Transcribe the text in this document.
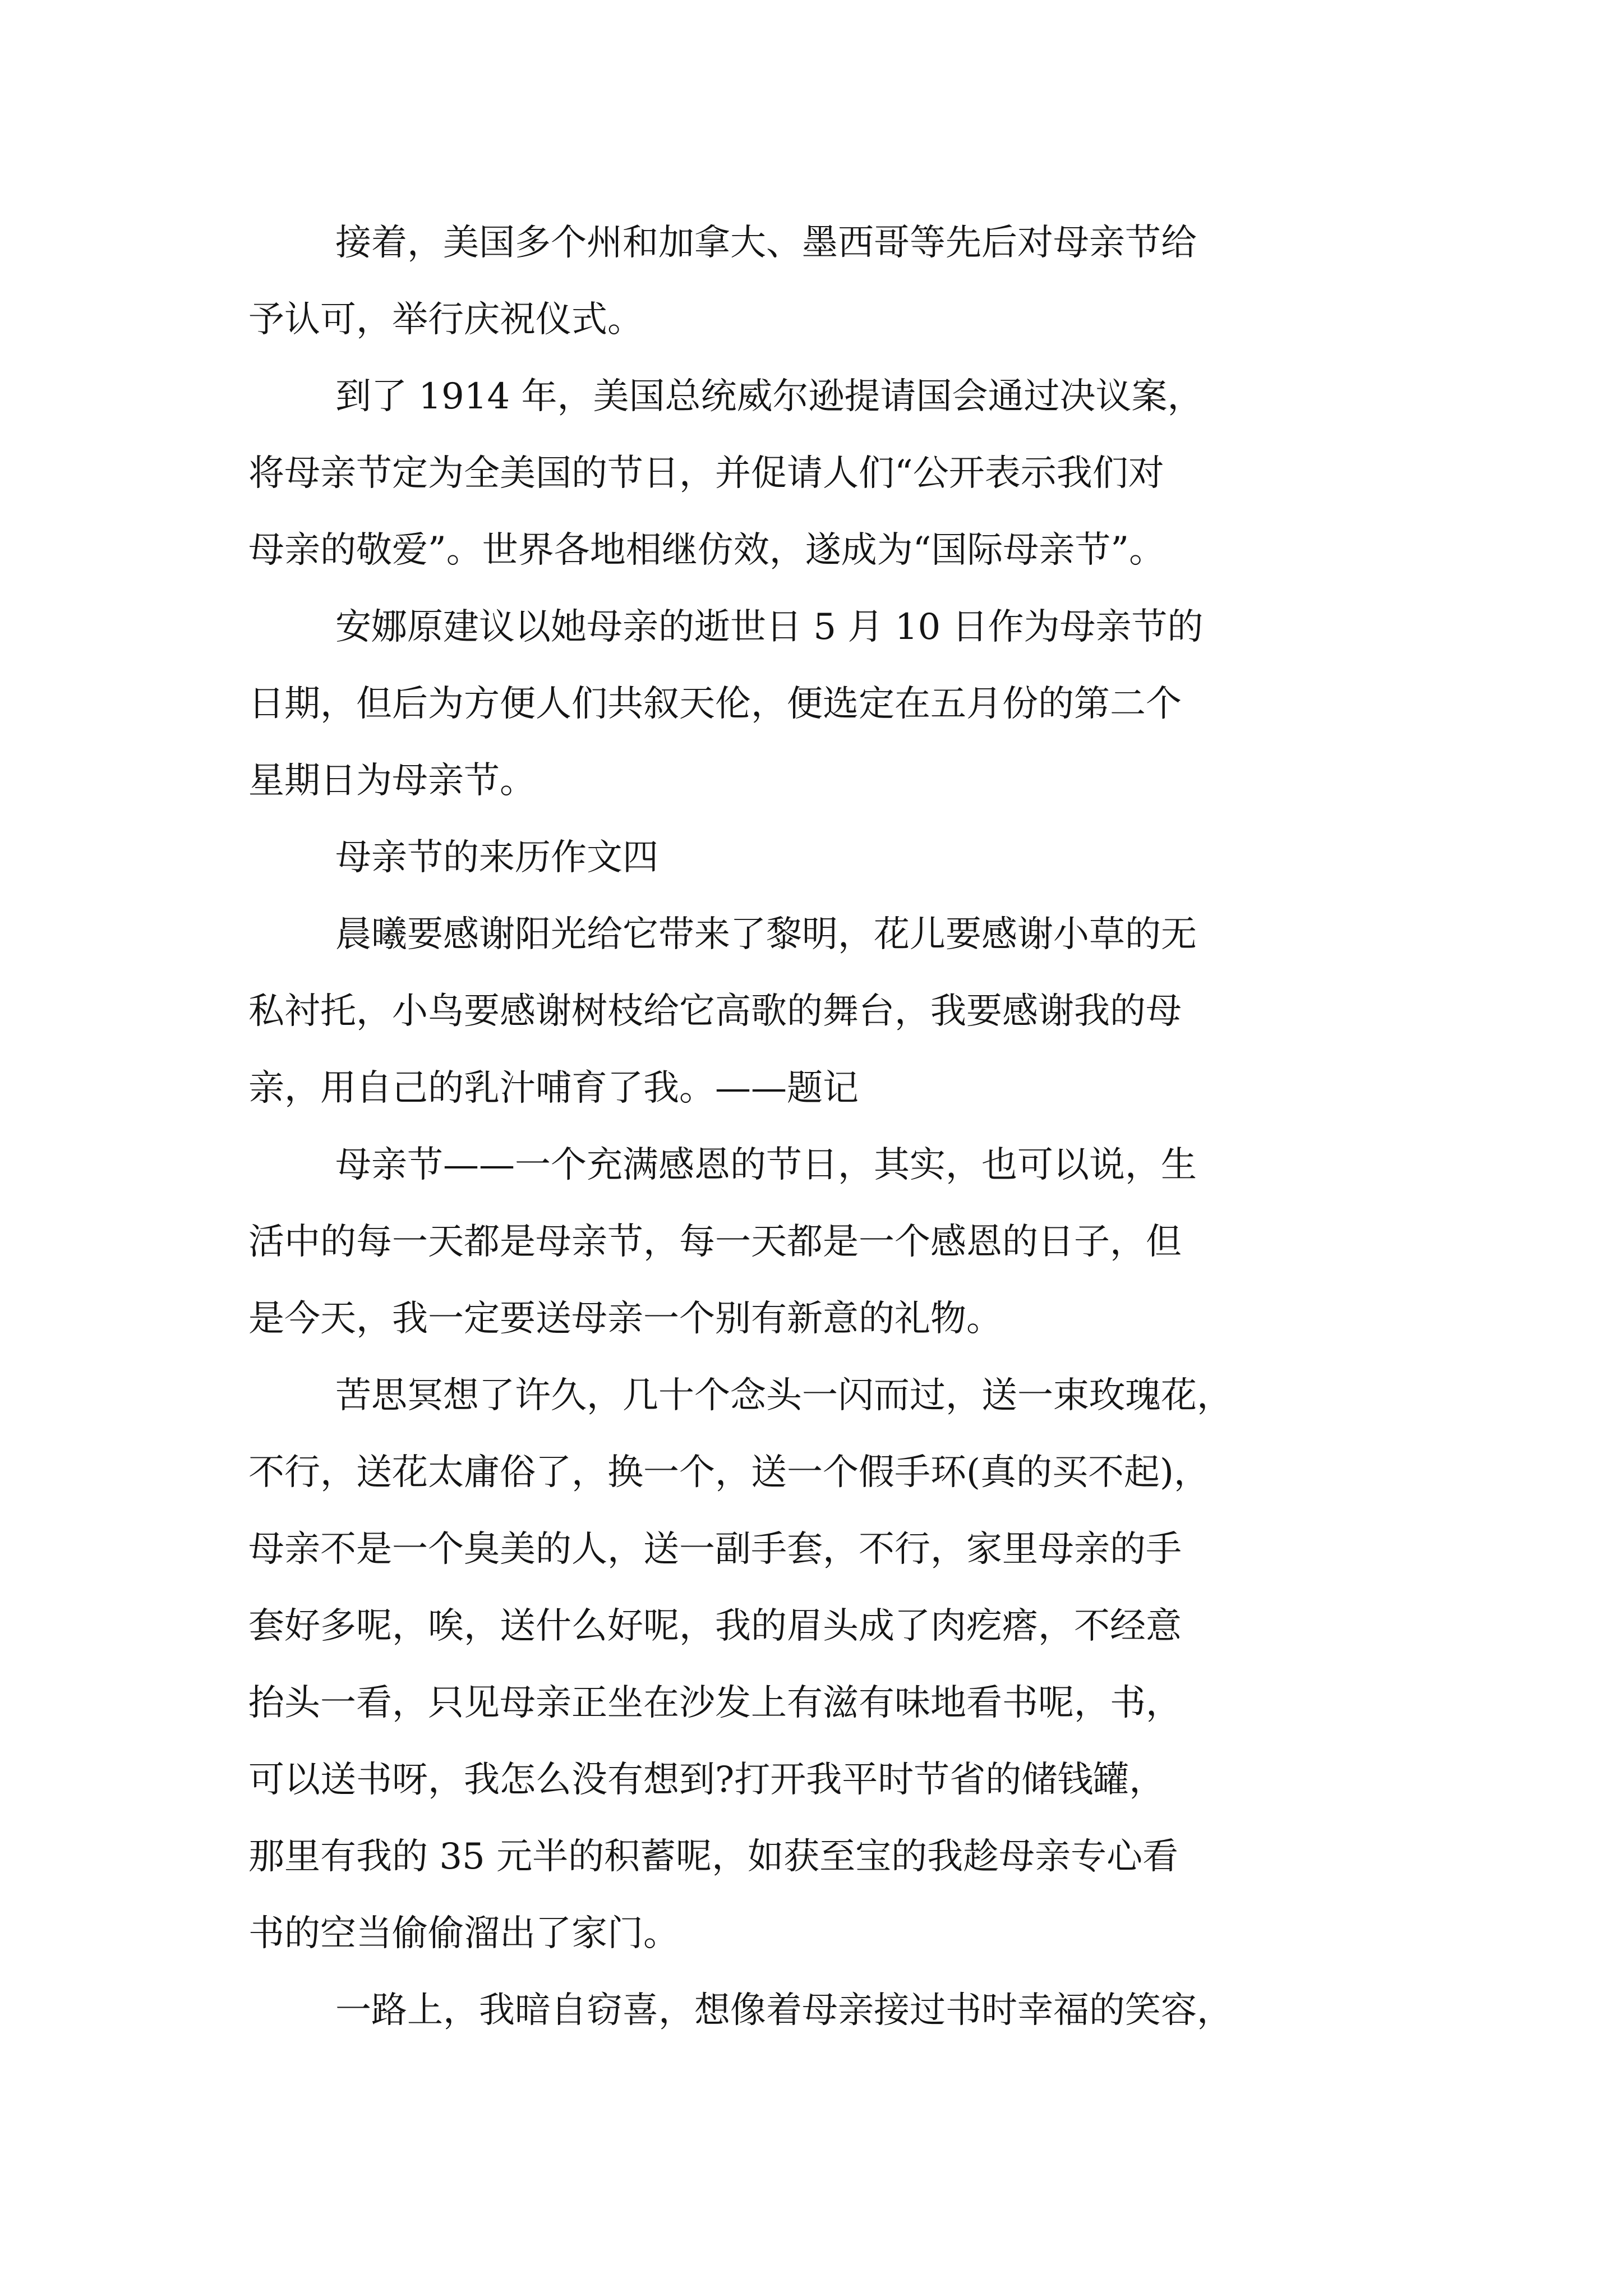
接着，美国多个州和加拿大、墨西哥等先后对母亲节给
予认可，举行庆祝仪式。
到了 1914 年，美国总统威尔逊提请国会通过决议案，
将母亲节定为全美国的节日，并促请人们“公开表示我们对
母亲的敬爱”。世界各地相继仿效，遂成为“国际母亲节”。
安娜原建议以她母亲的逝世日 5 月 10 日作为母亲节的
日期，但后为方便人们共叙天伦，便选定在五月份的第二个
星期日为母亲节。
母亲节的来历作文四
晨曦要感谢阳光给它带来了黎明，花儿要感谢小草的无
私衬托，小鸟要感谢树枝给它高歌的舞台，我要感谢我的母
亲，用自己的乳汁哺育了我。——题记
母亲节——一个充满感恩的节日，其实，也可以说，生
活中的每一天都是母亲节，每一天都是一个感恩的日子，但
是今天，我一定要送母亲一个别有新意的礼物。
苦思冥想了许久，几十个念头一闪而过，送一束玫瑰花，
不行，送花太庸俗了，换一个，送一个假手环(真的买不起)，
母亲不是一个臭美的人，送一副手套，不行，家里母亲的手
套好多呢，唉，送什么好呢，我的眉头成了肉疙瘩，不经意
抬头一看，只见母亲正坐在沙发上有滋有味地看书呢，书，
可以送书呀，我怎么没有想到?打开我平时节省的储钱罐，
那里有我的 35 元半的积蓄呢，如获至宝的我趁母亲专心看
书的空当偷偷溜出了家门。
一路上，我暗自窃喜，想像着母亲接过书时幸福的笑容，
